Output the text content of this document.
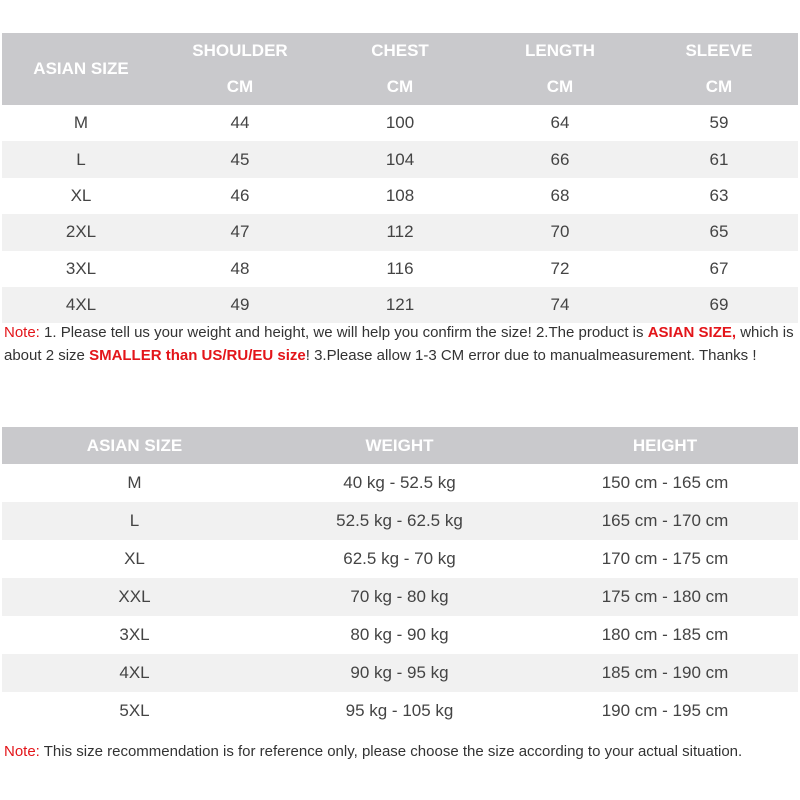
ASIAN SIZE	SHOULDER	CHEST	LENGTH	SLEEVE
	CM	CM	CM	CM
M	44	100	64	59
L	45	104	66	61
XL	46	108	68	63
2XL	47	112	70	65
3XL	48	116	72	67
4XL	49	121	74	69
Note: 1. Please tell us your weight and height, we will help you confirm the size! 2.The product is ASIAN SIZE, which is about 2 size SMALLER than US/RU/EU size! 3.Please allow 1-3 CM error due to manualmeasurement. Thanks !
ASIAN SIZE	WEIGHT	HEIGHT
M	40 kg - 52.5 kg	150 cm - 165 cm
L	52.5 kg - 62.5 kg	165 cm - 170 cm
XL	62.5 kg - 70 kg	170 cm - 175 cm
XXL	70 kg - 80 kg	175 cm - 180 cm
3XL	80 kg - 90 kg	180 cm - 185 cm
4XL	90 kg - 95 kg	185 cm - 190 cm
5XL	95 kg - 105 kg	190 cm - 195 cm
Note: This size recommendation is for reference only, please choose the size according to your actual situation.
